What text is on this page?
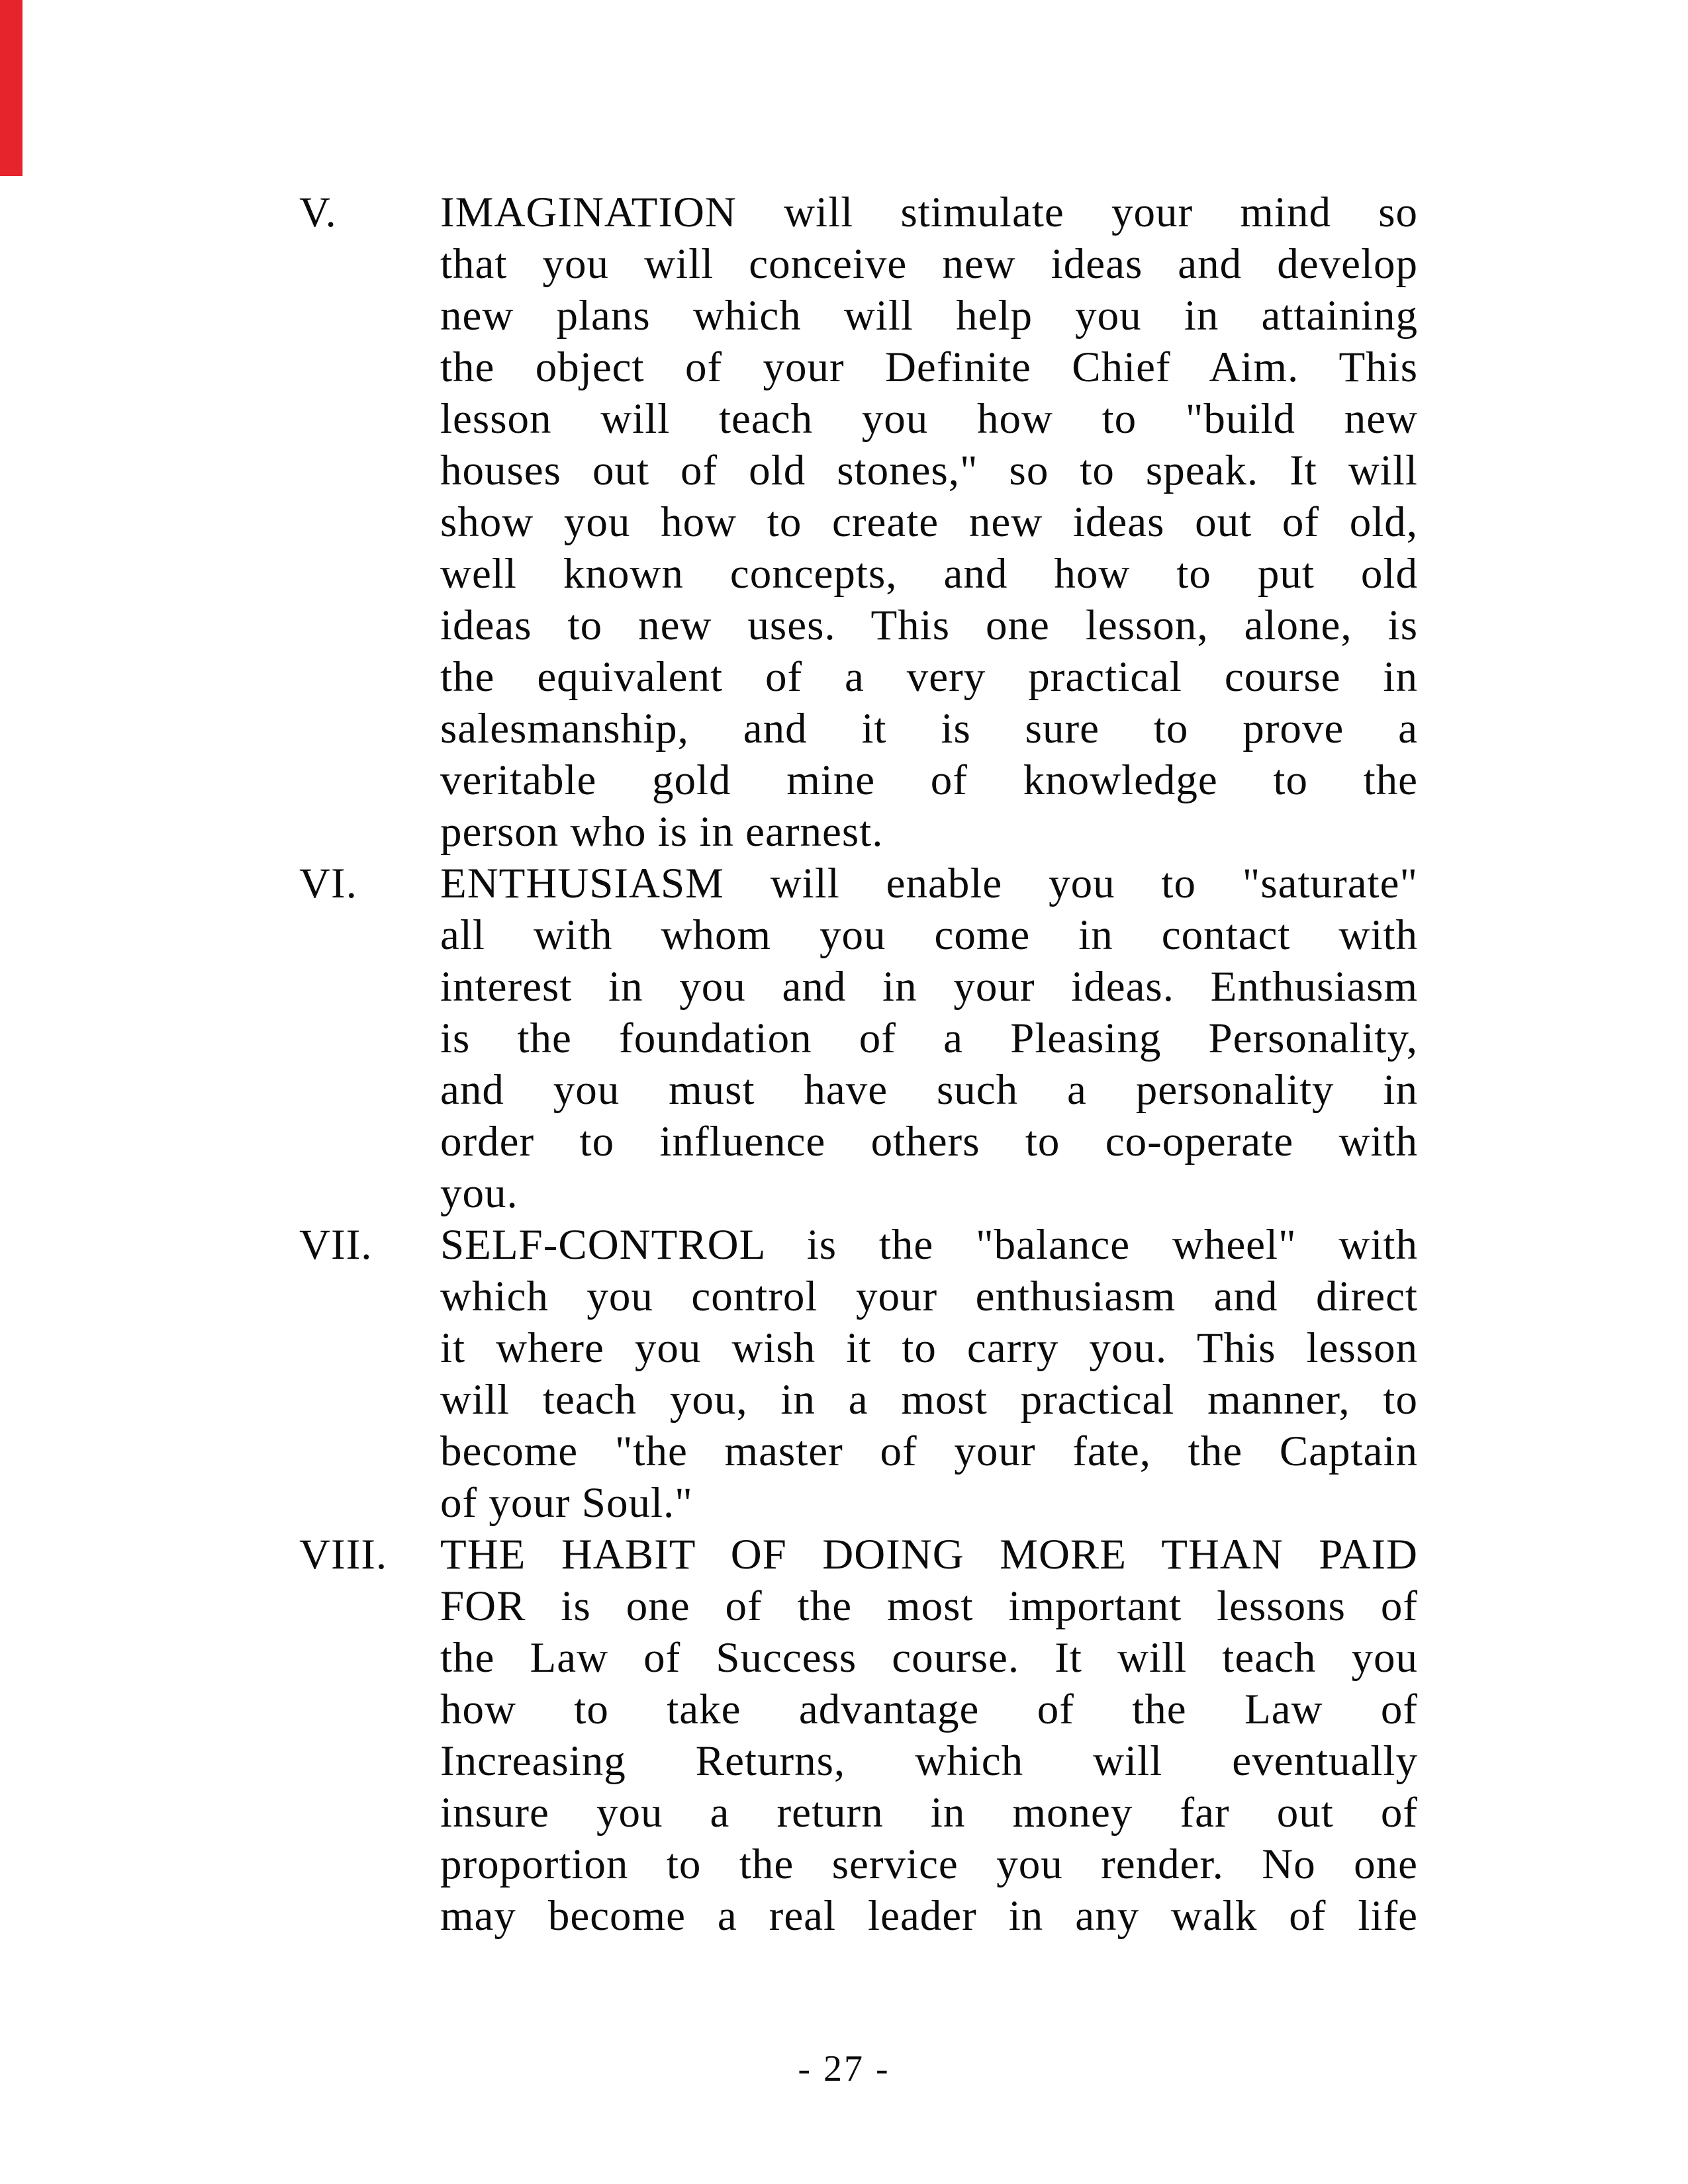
V.	IMAGINATION will stimulate your mind so
that you will conceive new ideas and develop
new plans which will help you in attaining
the object of your Definite Chief Aim. This
lesson will teach you how to "build new
houses out of old stones," so to speak. It will
show you how to create new ideas out of old,
well known concepts, and how to put old
ideas to new uses. This one lesson, alone, is
the equivalent of a very practical course in
salesmanship, and it is sure to prove a
veritable gold mine of knowledge to the
person who is in earnest.
VI.	ENTHUSIASM will enable you to "saturate"
all with whom you come in contact with
interest in you and in your ideas. Enthusiasm
is the foundation of a Pleasing Personality,
and you must have such a personality in
order to influence others to co-operate with
you.
VII.	SELF-CONTROL is the "balance wheel" with
which you control your enthusiasm and direct
it where you wish it to carry you. This lesson
will teach you, in a most practical manner, to
become "the master of your fate, the Captain
of your Soul."
VIII.	THE HABIT OF DOING MORE THAN PAID
FOR is one of the most important lessons of
the Law of Success course. It will teach you
how to take advantage of the Law of
Increasing Returns, which will eventually
insure you a return in money far out of
proportion to the service you render. No one
may become a real leader in any walk of life
- 27 -
